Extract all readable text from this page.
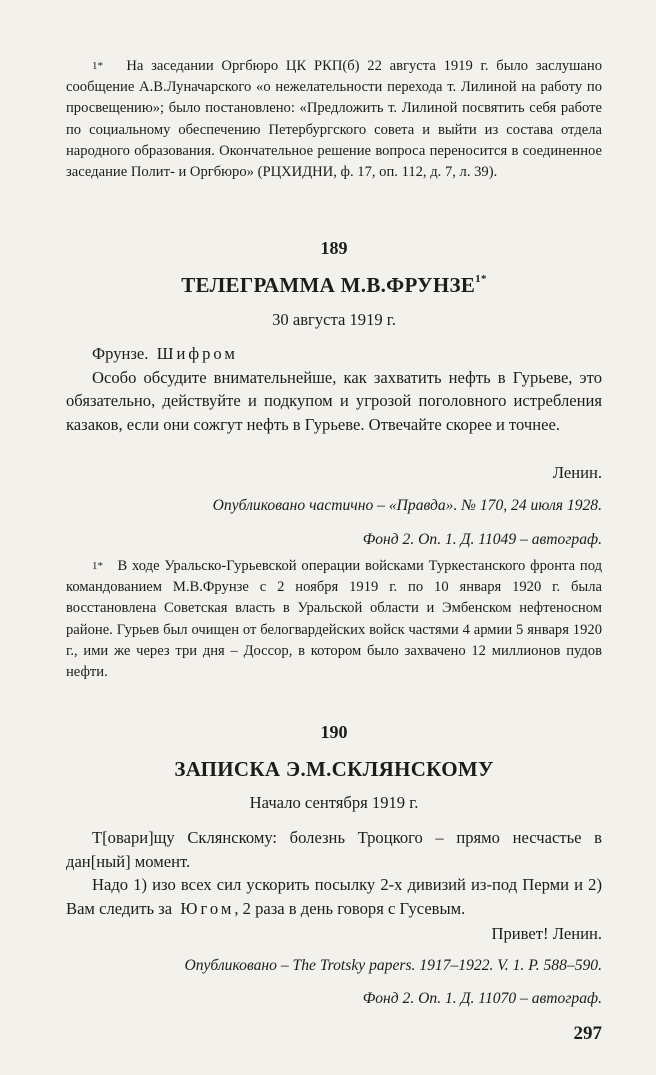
$^{1*}$ На заседании Оргбюро ЦК РКП(б) 22 августа 1919 г. было заслушано сообщение А.В.Луначарского «о нежелательности перехода т. Лилиной на работу по просвещению»; было постановлено: «Предложить т. Лилиной посвятить себя работе по социальному обеспечению Петербургского совета и выйти из состава отдела народного образования. Окончательное решение вопроса переносится в соединенное заседание Полит- и Оргбюро» (РЦХИДНИ, ф. 17, оп. 112, д. 7, л. 39).

189
ТЕЛЕГРАММА М.В.ФРУНЗЕ$^{1*}$
30 августа 1919 г.

Фрунзе. Шифром

Особо обсудите внимательнейше, как захватить нефть в Гурьеве, это обязательно, действуйте и подкупом и угрозой поголовного истребления казаков, если они сожгут нефть в Гурьеве. Отвечайте скорее и точнее.

Ленин.
Опубликовано частично – «Правда». № 170, 24 июля 1928.
Фонд 2. Оп. 1. Д. 11049 – автограф.

$^{1*}$ В ходе Уральско-Гурьевской операции войсками Туркестанского фронта под командованием М.В.Фрунзе с 2 ноября 1919 г. по 10 января 1920 г. была восстановлена Советская власть в Уральской области и Эмбенском нефтеносном районе. Гурьев был очищен от белогвардейских войск частями 4 армии 5 января 1920 г., ими же через три дня – Доссор, в котором было захвачено 12 миллионов пудов нефти.

190
ЗАПИСКА Э.М.СКЛЯНСКОМУ
Начало сентября 1919 г.

Т[овари]щу Склянскому: болезнь Троцкого – прямо несчастье в дан[ный] момент.

Надо 1) изо всех сил ускорить посылку 2-х дивизий из-под Перми и 2) Вам следить за Югом, 2 раза в день говоря с Гусевым.

Привет! Ленин.
Опубликовано – The Trotsky papers. 1917–1922. V. 1. P. 588–590.
Фонд 2. Оп. 1. Д. 11070 – автограф.
297
